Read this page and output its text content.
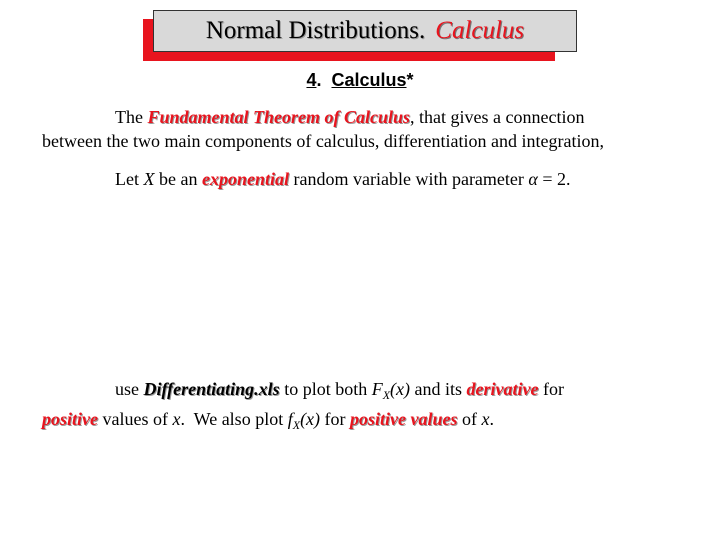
Normal Distributions. Calculus
4.  Calculus*
The Fundamental Theorem of Calculus, that gives a connection
between the two main components of calculus, differentiation and integration,
Let X be an exponential random variable with parameter α = 2.
use Differentiating.xls to plot both $F_X(x)$ and its derivative for
positive values of x.  We also plot $f_X(x)$ for positive values of x.
